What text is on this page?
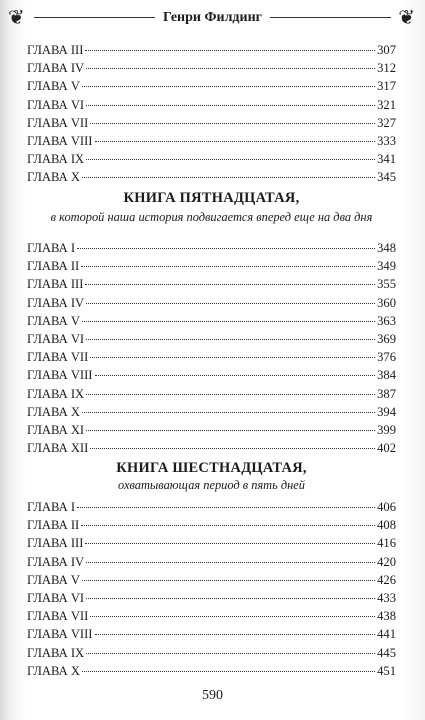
❦	Генри Филдинг	❦
ГЛАВА III	307
ГЛАВА IV	312
ГЛАВА V	317
ГЛАВА VI	321
ГЛАВА VII	327
ГЛАВА VIII	333
ГЛАВА IX	341
ГЛАВА X	345
КНИГА ПЯТНАДЦАТАЯ,
в которой наша история подвигается вперед еще на два дня
ГЛАВА I	348
ГЛАВА II	349
ГЛАВА III	355
ГЛАВА IV	360
ГЛАВА V	363
ГЛАВА VI	369
ГЛАВА VII	376
ГЛАВА VIII	384
ГЛАВА IX	387
ГЛАВА X	394
ГЛАВА XI	399
ГЛАВА XII	402
КНИГА ШЕСТНАДЦАТАЯ,
охватывающая период в пять дней
ГЛАВА I	406
ГЛАВА II	408
ГЛАВА III	416
ГЛАВА IV	420
ГЛАВА V	426
ГЛАВА VI	433
ГЛАВА VII	438
ГЛАВА VIII	441
ГЛАВА IX	445
ГЛАВА X	451
590
